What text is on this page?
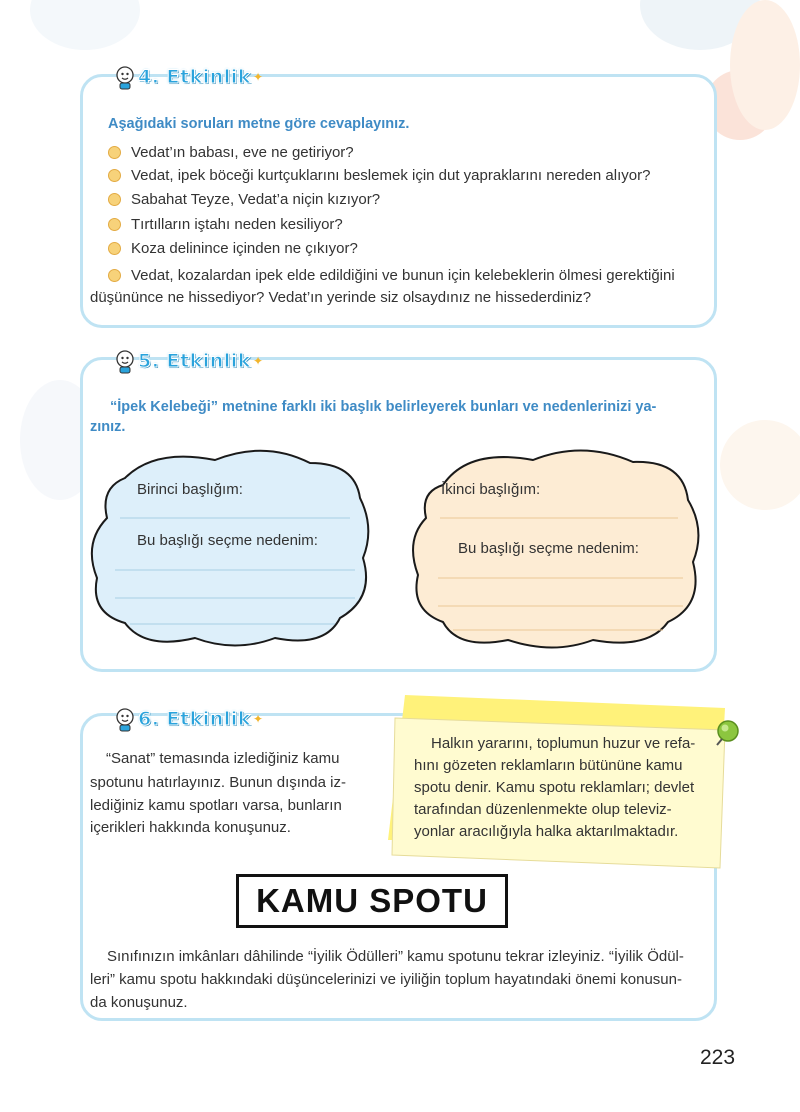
4. Etkinlik ✦
Aşağıdaki soruları metne göre cevaplayınız.
Vedat’ın babası, eve ne getiriyor?
Vedat, ipek böceği kurtçuklarını beslemek için dut yapraklarını nereden alıyor?
Sabahat Teyze, Vedat’a niçin kızıyor?
Tırtılların iştahı neden kesiliyor?
Koza delinince içinden ne çıkıyor?
Vedat, kozalardan ipek elde edildiğini ve bunun için kelebeklerin ölmesi gerektiğini
düşününce ne hissediyor? Vedat’ın yerinde siz olsaydınız ne hissederdiniz?
5. Etkinlik ✦
“İpek Kelebeği” metnine farklı iki başlık belirleyerek bunları ve nedenlerinizi ya-
zınız.
Birinci başlığım:
Bu başlığı seçme nedenim:
İkinci başlığım:
Bu başlığı seçme nedenim:
6. Etkinlik ✦
“Sanat” temasında izlediğiniz kamu
spotunu hatırlayınız. Bunun dışında iz-
lediğiniz kamu spotları varsa, bunların
içerikleri hakkında konuşunuz.
Halkın yararını, toplumun huzur ve refa-
hını gözeten reklamların bütününe kamu
spotu denir. Kamu spotu reklamları; devlet
tarafından düzenlenmekte olup televiz-
yonlar aracılığıyla halka aktarılmaktadır.
KAMU SPOTU
Sınıfınızın imkânları dâhilinde “İyilik Ödülleri” kamu spotunu tekrar izleyiniz. “İyilik Ödül-
leri” kamu spotu hakkındaki düşüncelerinizi ve iyiliğin toplum hayatındaki önemi konusun-
da konuşunuz.
223
